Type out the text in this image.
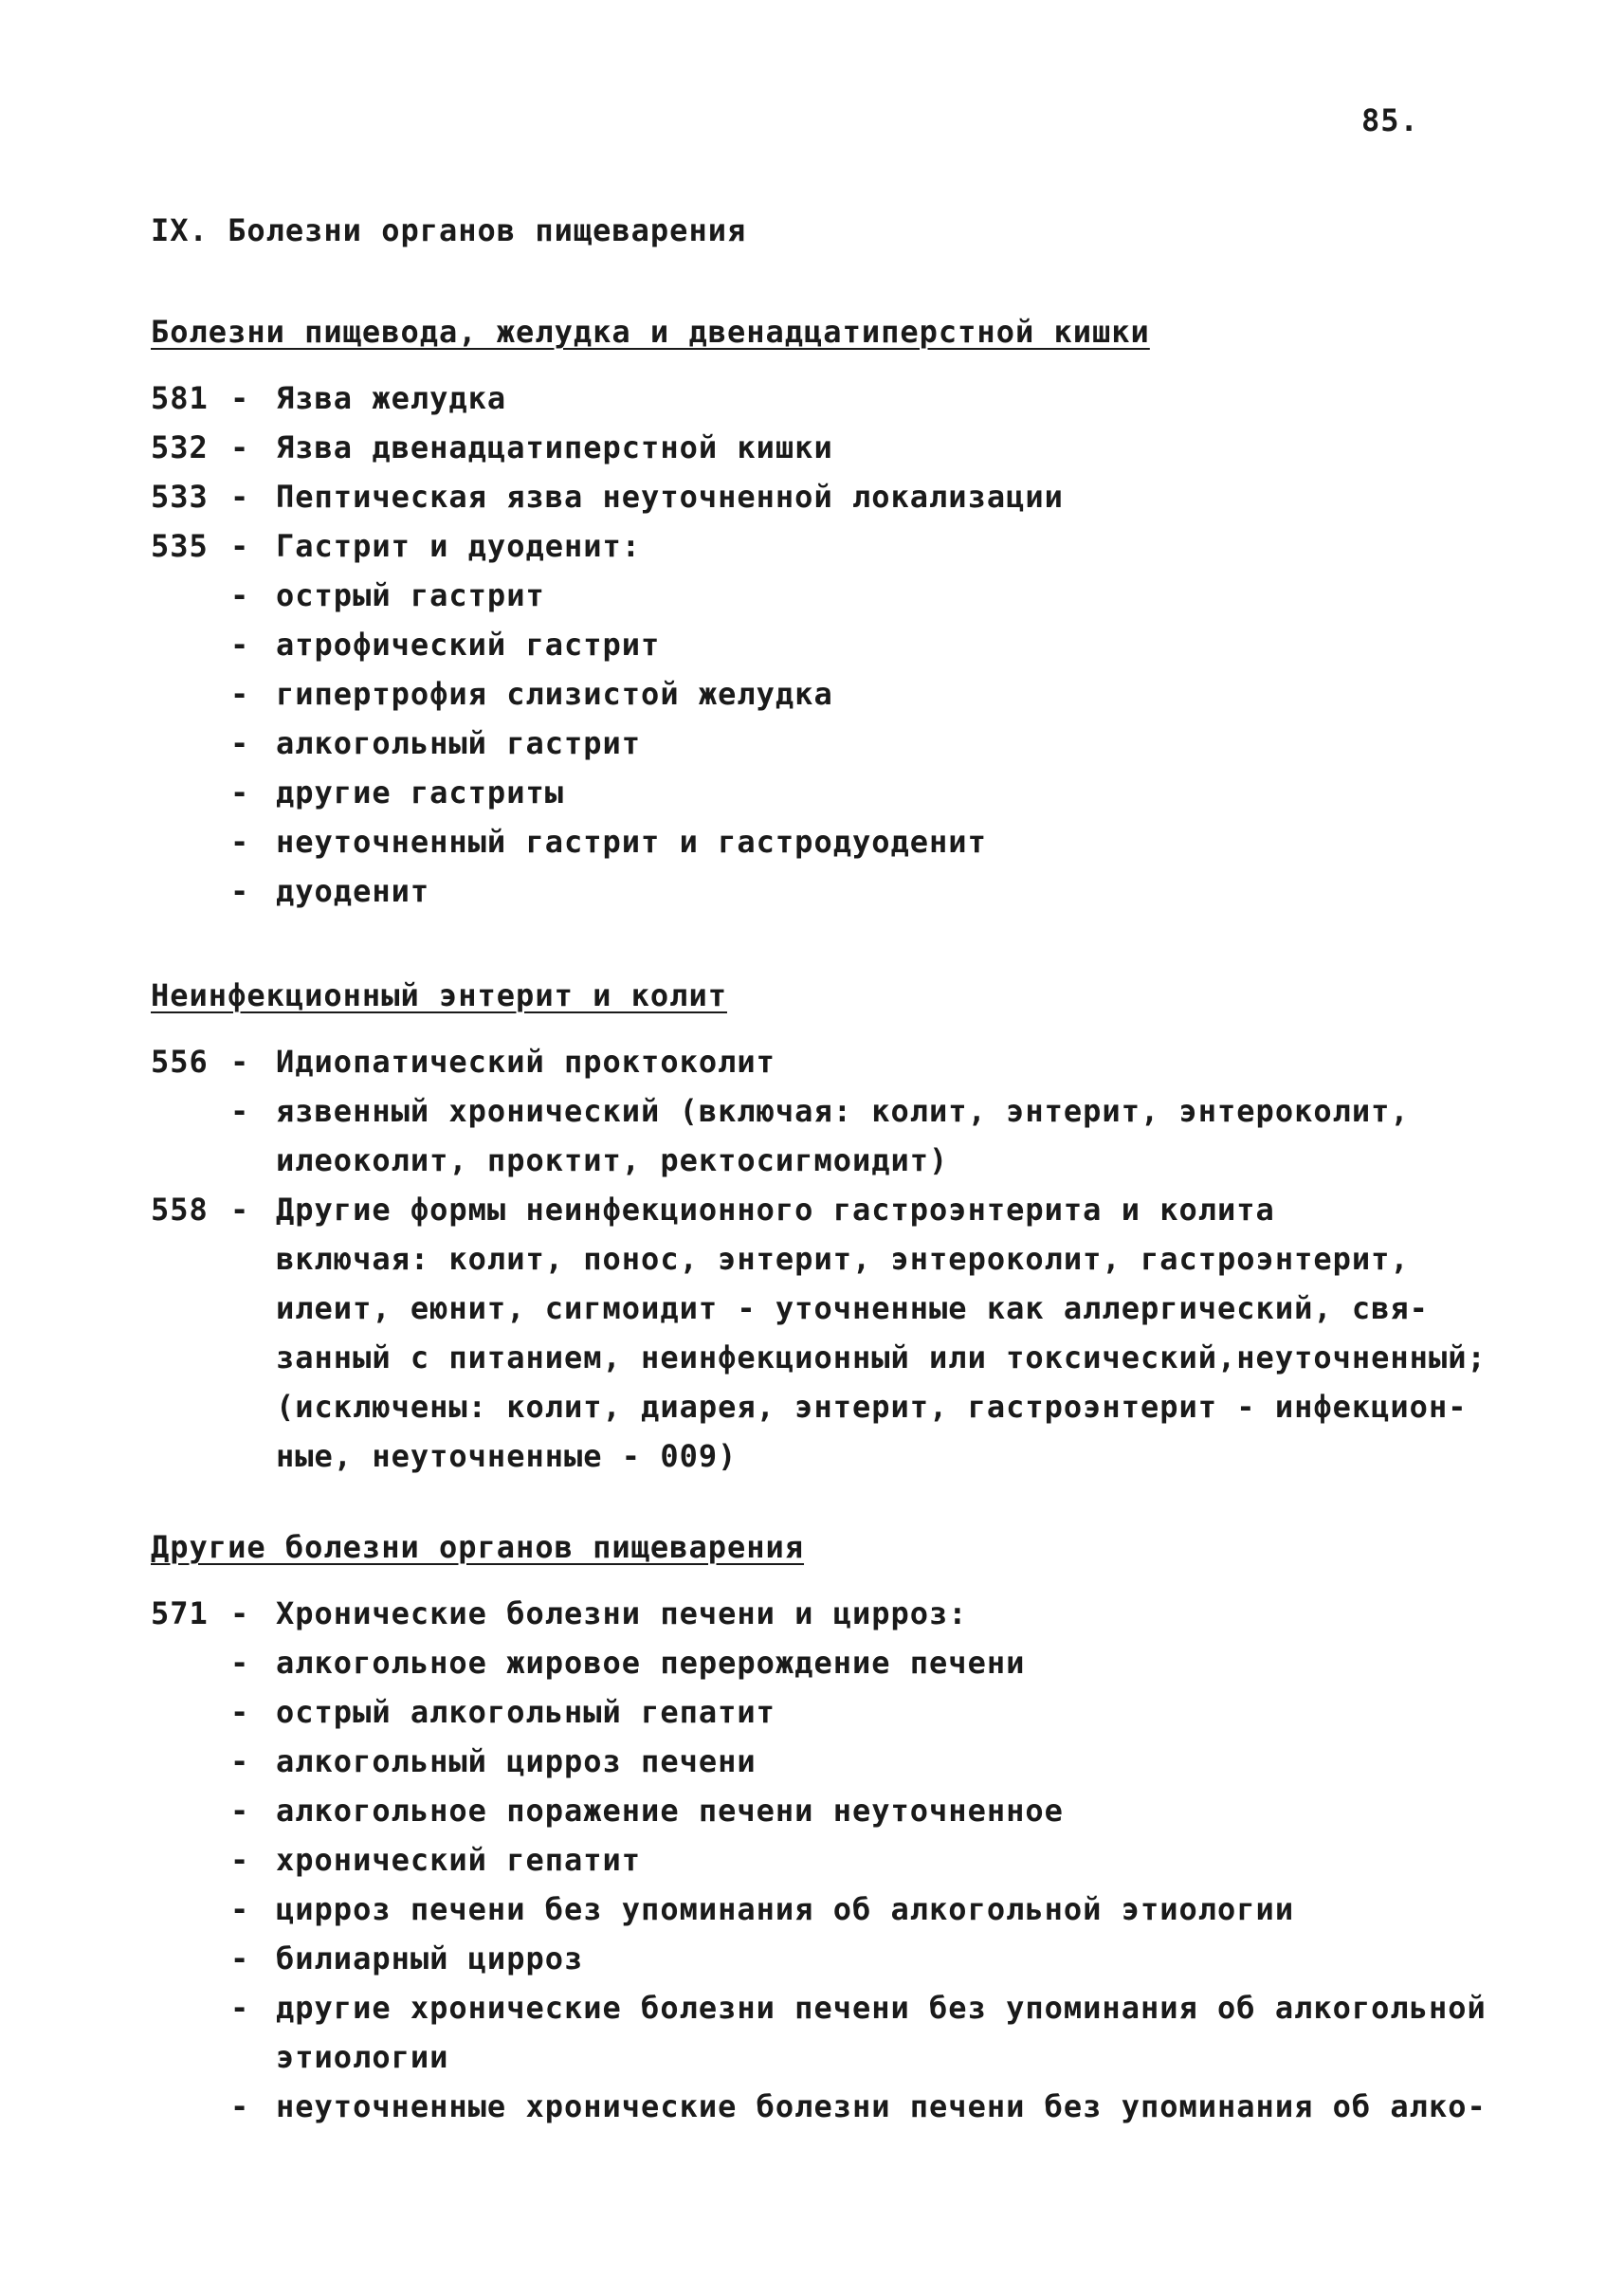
85.
IX. Болезни органов пищеварения
Болезни пищевода, желудка и двенадцатиперстной кишки
581 - Язва желудка
532 - Язва двенадцатиперстной кишки
533 - Пептическая язва неуточненной локализации
535 - Гастрит и дуоденит:
- острый гастрит
- атрофический гастрит
- гипертрофия слизистой желудка
- алкогольный гастрит
- другие гастриты
- неуточненный гастрит и гастродуоденит
- дуоденит
Неинфекционный энтерит и колит
556 - Идиопатический проктоколит
- язвенный хронический (включая: колит, энтерит, энтероколит,
илеоколит, проктит, ректосигмоидит)
558 - Другие формы неинфекционного гастроэнтерита и колита
включая: колит, понос, энтерит, энтероколит, гастроэнтерит,
илеит, еюнит, сигмоидит - уточненные как аллергический, свя-
занный с питанием, неинфекционный или токсический,неуточненный;
(исключены: колит, диарея, энтерит, гастроэнтерит - инфекцион-
ные, неуточненные - 009)
Другие болезни органов пищеварения
571 - Хронические болезни печени и цирроз:
- алкогольное жировое перерождение печени
- острый алкогольный гепатит
- алкогольный цирроз печени
- алкогольное поражение печени неуточненное
- хронический гепатит
- цирроз печени без упоминания об алкогольной этиологии
- билиарный цирроз
- другие хронические болезни печени без упоминания об алкогольной
этиологии
- неуточненные хронические болезни печени без упоминания об алко-
